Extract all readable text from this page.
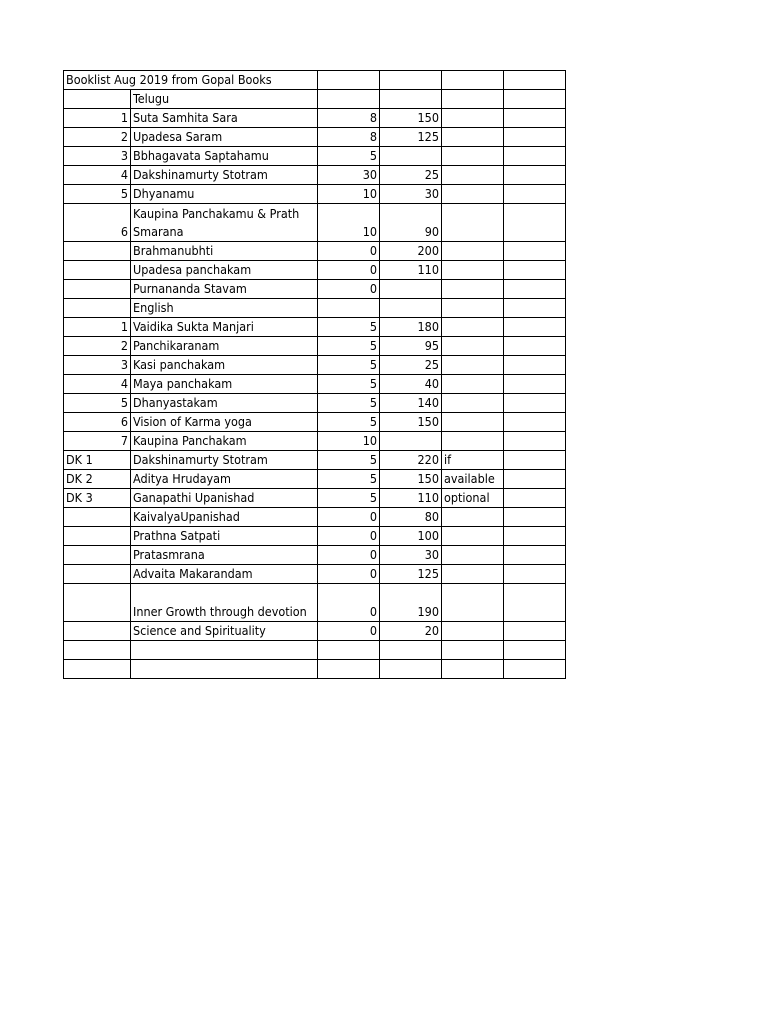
Booklist Aug 2019 from Gopal Books					
	Telugu				
1	Suta Samhita Sara	8	150		
2	Upadesa Saram	8	125		
3	Bbhagavata Saptahamu	5			
4	Dakshinamurty Stotram	30	25		
5	Dhyanamu	10	30		
6	Kaupina Panchakamu & Prath Smarana	10	90		
	Brahmanubhti	0	200		
	Upadesa panchakam	0	110		
	Purnananda Stavam	0			
	English				
1	Vaidika Sukta Manjari	5	180		
2	Panchikaranam	5	95		
3	Kasi panchakam	5	25		
4	Maya panchakam	5	40		
5	Dhanyastakam	5	140		
6	Vision of Karma yoga	5	150		
7	Kaupina Panchakam	10			
DK 1	Dakshinamurty Stotram	5	220	if	
DK 2	Aditya Hrudayam	5	150	available	
DK 3	Ganapathi Upanishad	5	110	optional	
	KaivalyaUpanishad	0	80		
	Prathna Satpati	0	100		
	Pratasmrana	0	30		
	Advaita Makarandam	0	125		
	Inner Growth through devotion	0	190		
	Science and Spirituality	0	20		
